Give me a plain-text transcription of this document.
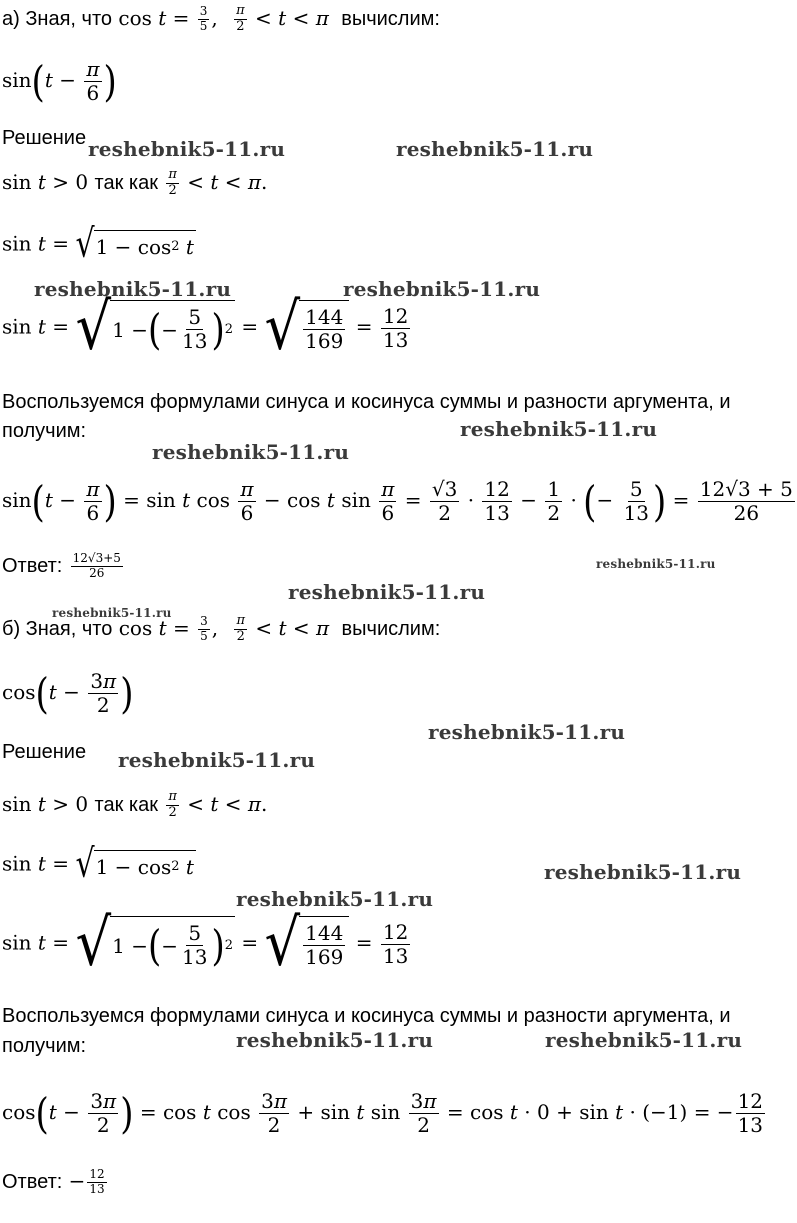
а) Зная, что $\cos t = \frac{3}{5}$ , $\frac{\pi}{2} < t < \pi$ вычислим:
$\sin(t - \frac{\pi}{6}$ )
Решение
sin t > 0 так как $\frac{\pi}{2} < t < \pi$.
sin t = √ 1 − cos 2
t
sin t = √ 1 − ( − $\frac{5}{13}$ ) 2 = √ $\frac{144}{169} = \frac{12}{13}$
Воспользуемся формулами синуса и косинуса суммы и разности аргумента, и
получим:
$\sin(t - \frac{\pi}{6}$ ) = sin t $\cos \frac{\pi}{6} - \cos t$ $\sin \frac{\pi}{6} = \frac{√3}{2} \cdot \frac{12}{13} - \frac{1}{2}$ · (− $\frac{5}{13}$ ) = $\frac{12√3 + 5}{26}$
Ответ: $\frac{12√3+5}{26}$
б) Зная, что $\cos t = \frac{3}{5}$ , $\frac{\pi}{2} < t < \pi$ вычислим:
$\cos(t - \frac{3\pi}{2}$ )
Решение
sin t > 0 так как $\frac{\pi}{2} < t < \pi$.
sin t = √ 1 − cos 2
t
sin t = √ 1 − ( − $\frac{5}{13}$ ) 2 = √ $\frac{144}{169} = \frac{12}{13}$
Воспользуемся формулами синуса и косинуса суммы и разности аргумента, и
получим:
$\cos(t - \frac{3\pi}{2}$ ) = cos t $\cos \frac{3\pi}{2} + \sin t$ $\sin \frac{3\pi}{2} = \cos t \cdot 0 + \sin t \cdot (-1)$ = − $\frac{12}{13}$
Ответ: − $\frac{12}{13}$
reshebnik5-11.ru	reshebnik5-11.ru
reshebnik5-11.ru	reshebnik5-11.ru
reshebnik5-11.ru
reshebnik5-11.ru
reshebnik5-11.ru
reshebnik5-11.ru
reshebnik5-11.ru
reshebnik5-11.ru
reshebnik5-11.ru
reshebnik5-11.ru
reshebnik5-11.ru
reshebnik5-11.ru	reshebnik5-11.ru
